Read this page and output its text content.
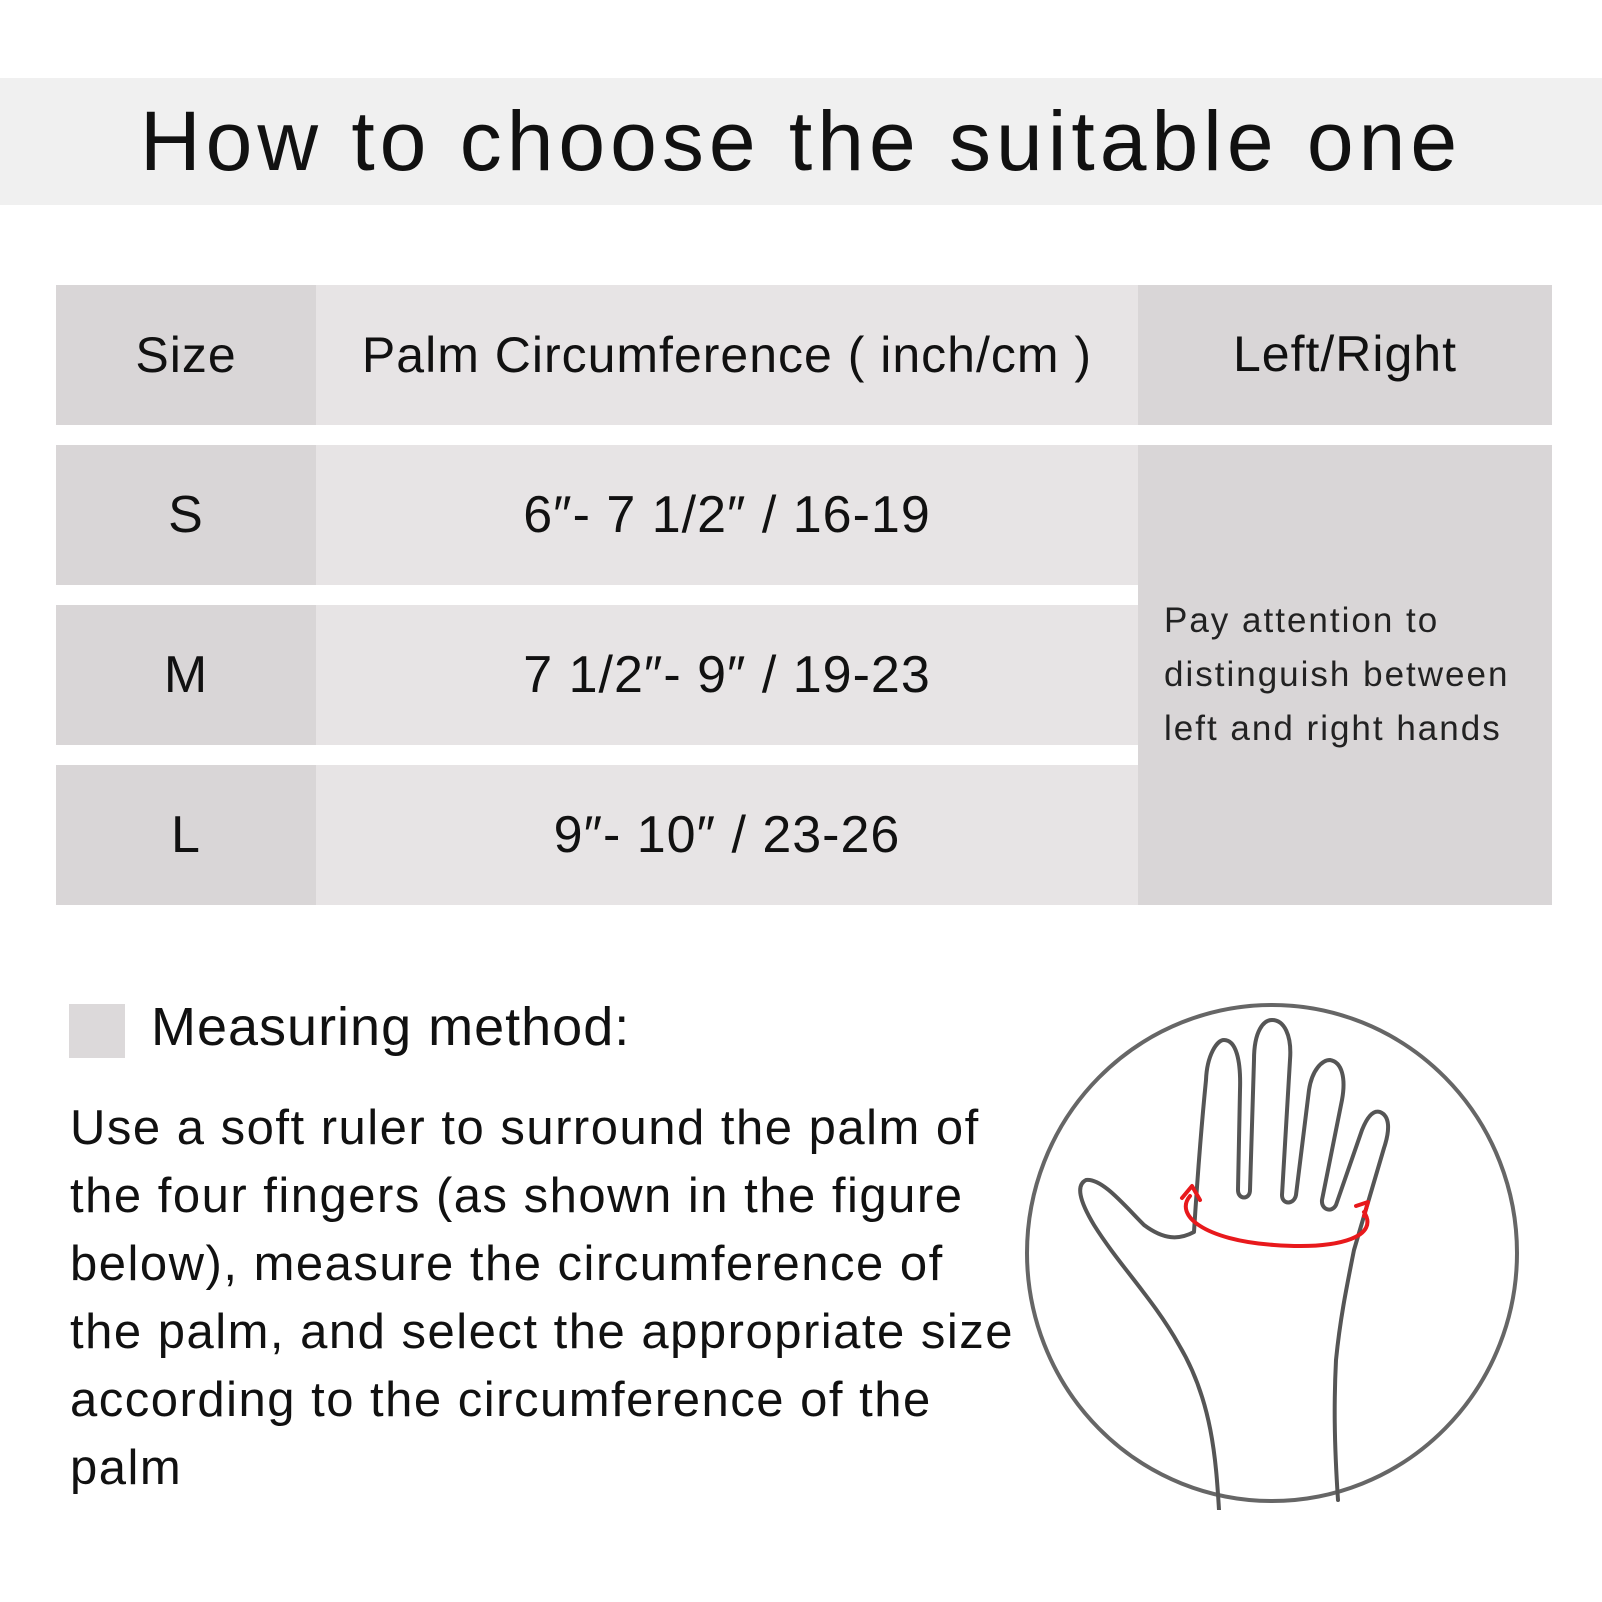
How to choose the suitable one
Size	Palm Circumference ( inch/cm )	Left/Right
S	6″- 7 1/2″ / 16-19
M	7 1/2″- 9″ / 19-23
L	9″- 10″ / 23-26
Pay attention to
distinguish between
left and right hands
Measuring method:

Use a soft ruler to surround the palm of the four fingers (as shown in the figure below), measure the circumference of the palm, and select the appropriate size according to the circumference of the palm
